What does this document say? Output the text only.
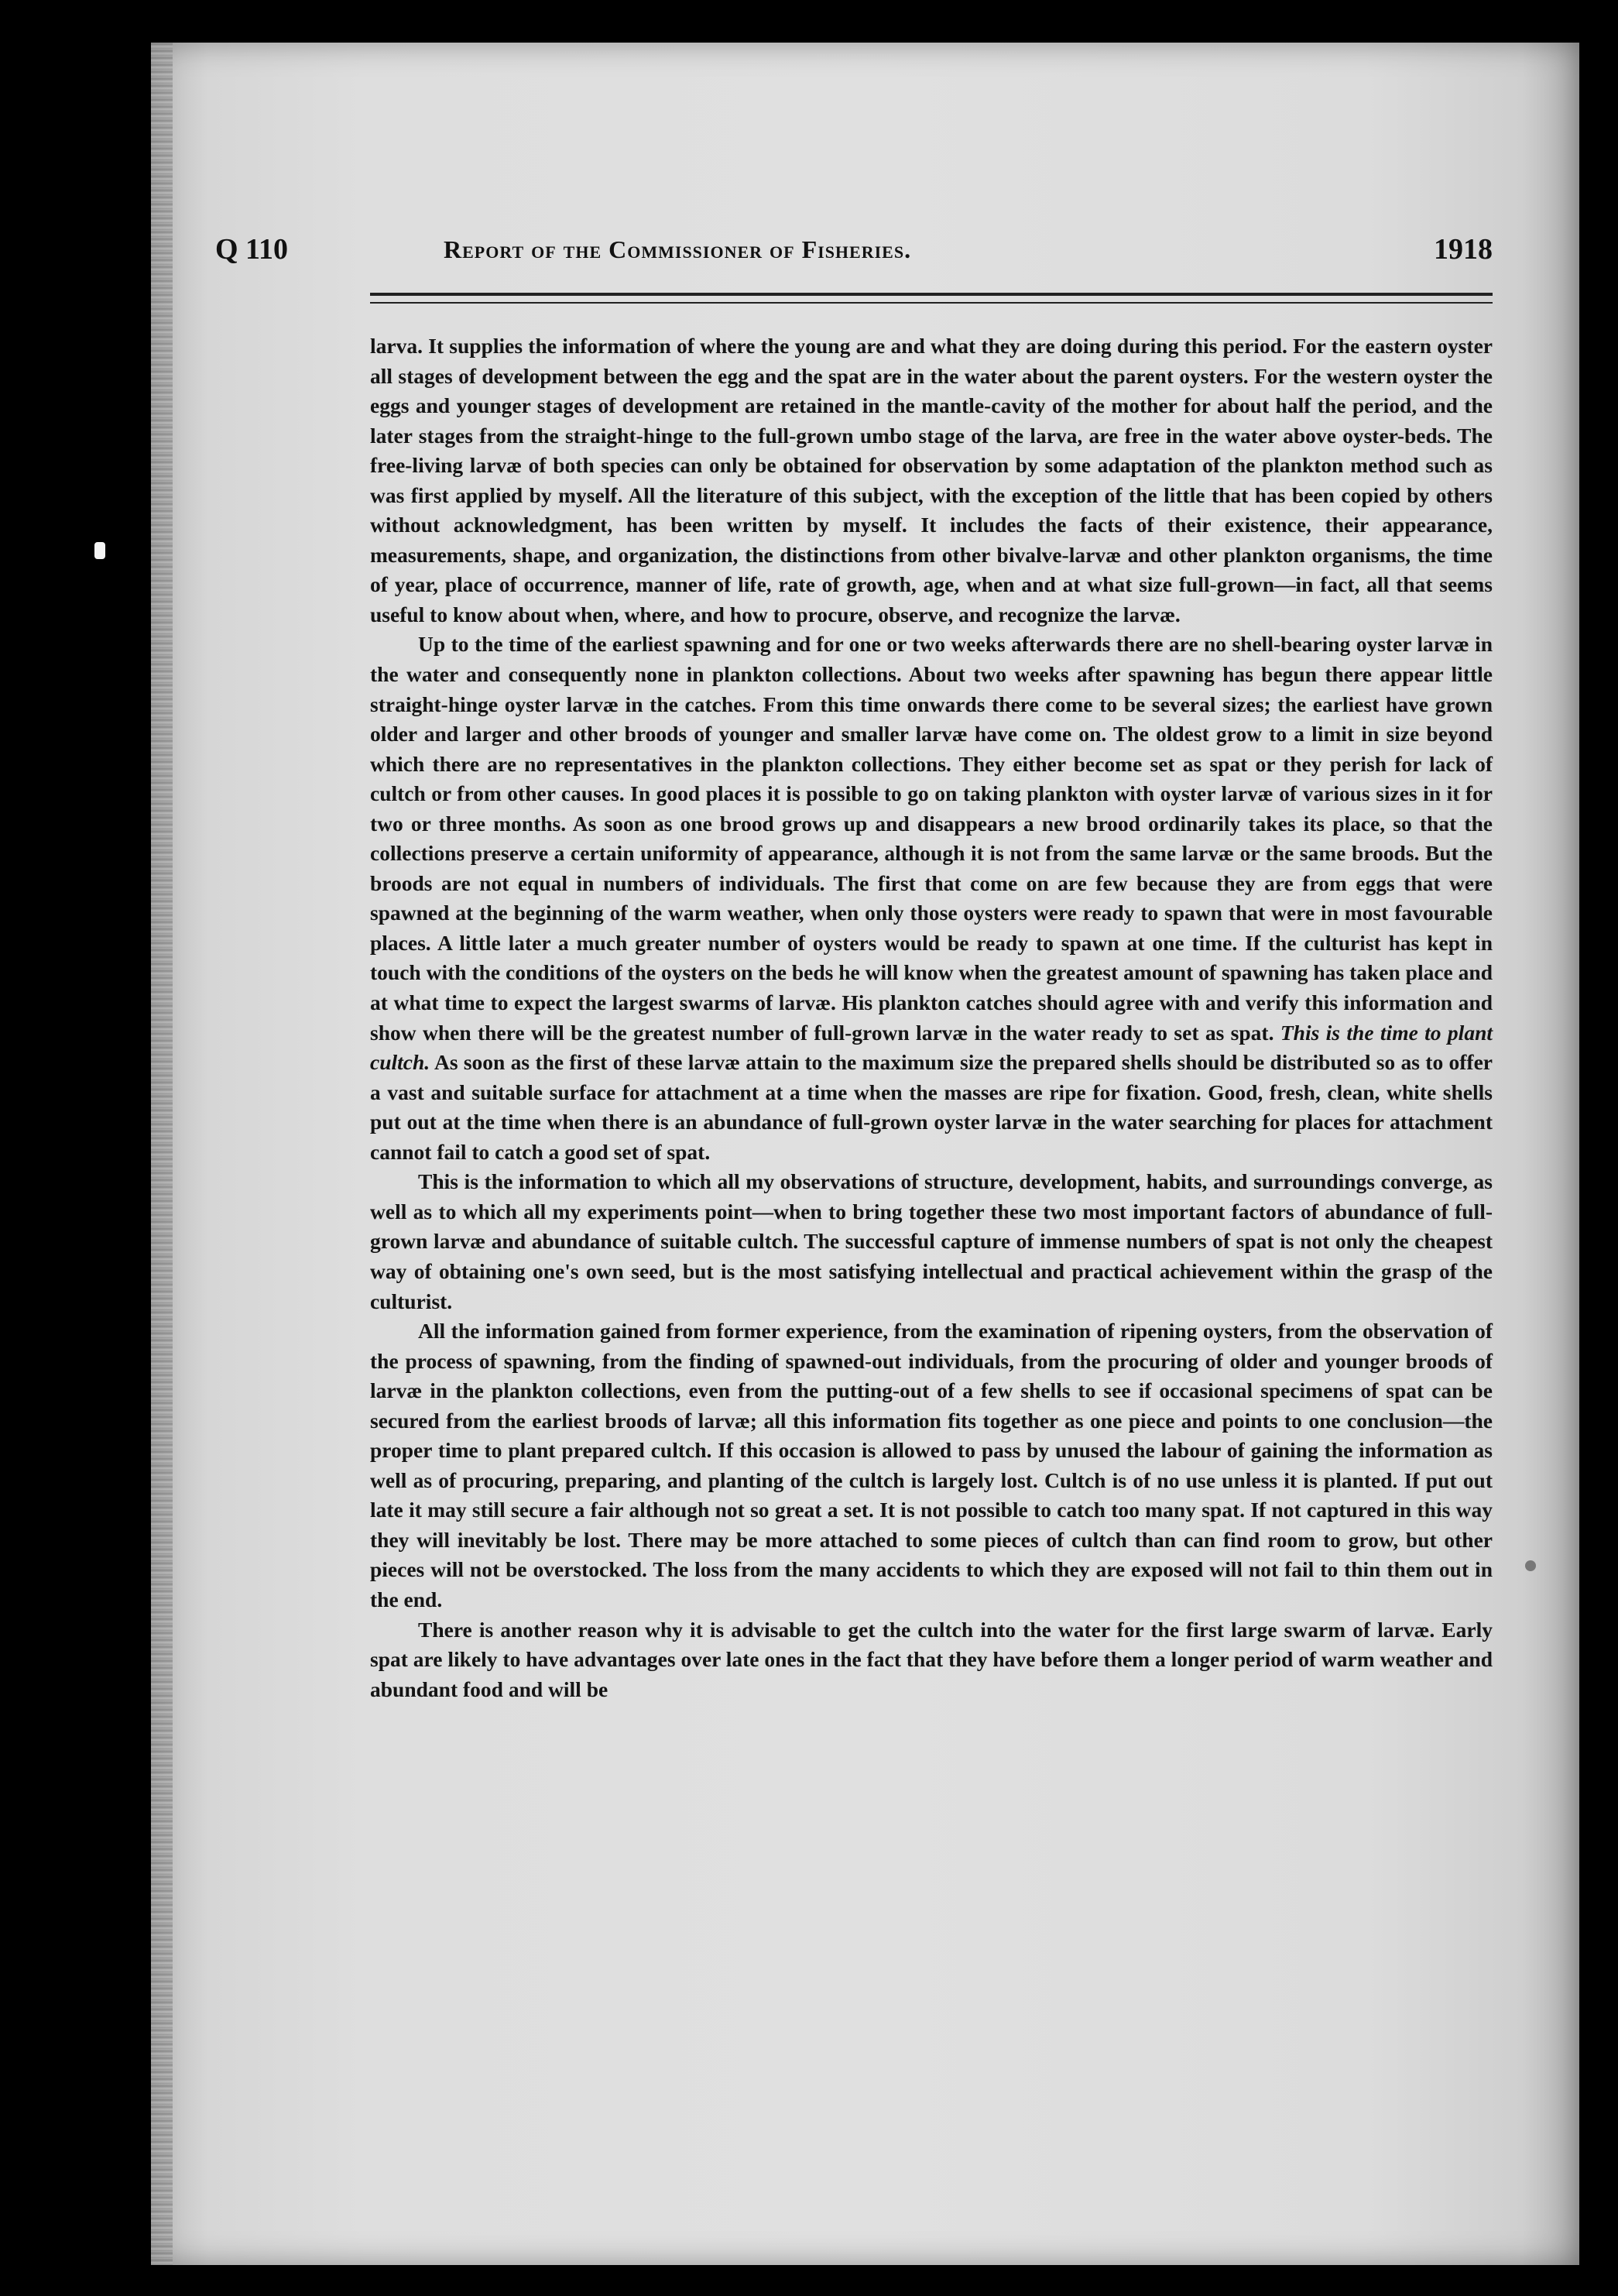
Q 110	Report of the Commissioner of Fisheries.	1918

larva. It supplies the information of where the young are and what they are doing during this period. For the eastern oyster all stages of development between the egg and the spat are in the water about the parent oysters. For the western oyster the eggs and younger stages of development are retained in the mantle-cavity of the mother for about half the period, and the later stages from the straight-hinge to the full-grown umbo stage of the larva, are free in the water above oyster-beds. The free-living larvæ of both species can only be obtained for observation by some adaptation of the plankton method such as was first applied by myself. All the literature of this subject, with the exception of the little that has been copied by others without acknowledgment, has been written by myself. It includes the facts of their existence, their appearance, measurements, shape, and organization, the distinctions from other bivalve-larvæ and other plankton organisms, the time of year, place of occurrence, manner of life, rate of growth, age, when and at what size full-grown—in fact, all that seems useful to know about when, where, and how to procure, observe, and recognize the larvæ.

Up to the time of the earliest spawning and for one or two weeks afterwards there are no shell-bearing oyster larvæ in the water and consequently none in plankton collections. About two weeks after spawning has begun there appear little straight-hinge oyster larvæ in the catches. From this time onwards there come to be several sizes; the earliest have grown older and larger and other broods of younger and smaller larvæ have come on. The oldest grow to a limit in size beyond which there are no representatives in the plankton collections. They either become set as spat or they perish for lack of cultch or from other causes. In good places it is possible to go on taking plankton with oyster larvæ of various sizes in it for two or three months. As soon as one brood grows up and disappears a new brood ordinarily takes its place, so that the collections preserve a certain uniformity of appearance, although it is not from the same larvæ or the same broods. But the broods are not equal in numbers of individuals. The first that come on are few because they are from eggs that were spawned at the beginning of the warm weather, when only those oysters were ready to spawn that were in most favourable places. A little later a much greater number of oysters would be ready to spawn at one time. If the culturist has kept in touch with the conditions of the oysters on the beds he will know when the greatest amount of spawning has taken place and at what time to expect the largest swarms of larvæ. His plankton catches should agree with and verify this information and show when there will be the greatest number of full-grown larvæ in the water ready to set as spat. This is the time to plant cultch. As soon as the first of these larvæ attain to the maximum size the prepared shells should be distributed so as to offer a vast and suitable surface for attachment at a time when the masses are ripe for fixation. Good, fresh, clean, white shells put out at the time when there is an abundance of full-grown oyster larvæ in the water searching for places for attachment cannot fail to catch a good set of spat.

This is the information to which all my observations of structure, development, habits, and surroundings converge, as well as to which all my experiments point—when to bring together these two most important factors of abundance of full-grown larvæ and abundance of suitable cultch. The successful capture of immense numbers of spat is not only the cheapest way of obtaining one's own seed, but is the most satisfying intellectual and practical achievement within the grasp of the culturist.

All the information gained from former experience, from the examination of ripening oysters, from the observation of the process of spawning, from the finding of spawned-out individuals, from the procuring of older and younger broods of larvæ in the plankton collections, even from the putting-out of a few shells to see if occasional specimens of spat can be secured from the earliest broods of larvæ; all this information fits together as one piece and points to one conclusion—the proper time to plant prepared cultch. If this occasion is allowed to pass by unused the labour of gaining the information as well as of procuring, preparing, and planting of the cultch is largely lost. Cultch is of no use unless it is planted. If put out late it may still secure a fair although not so great a set. It is not possible to catch too many spat. If not captured in this way they will inevitably be lost. There may be more attached to some pieces of cultch than can find room to grow, but other pieces will not be overstocked. The loss from the many accidents to which they are exposed will not fail to thin them out in the end.

There is another reason why it is advisable to get the cultch into the water for the first large swarm of larvæ. Early spat are likely to have advantages over late ones in the fact that they have before them a longer period of warm weather and abundant food and will be
